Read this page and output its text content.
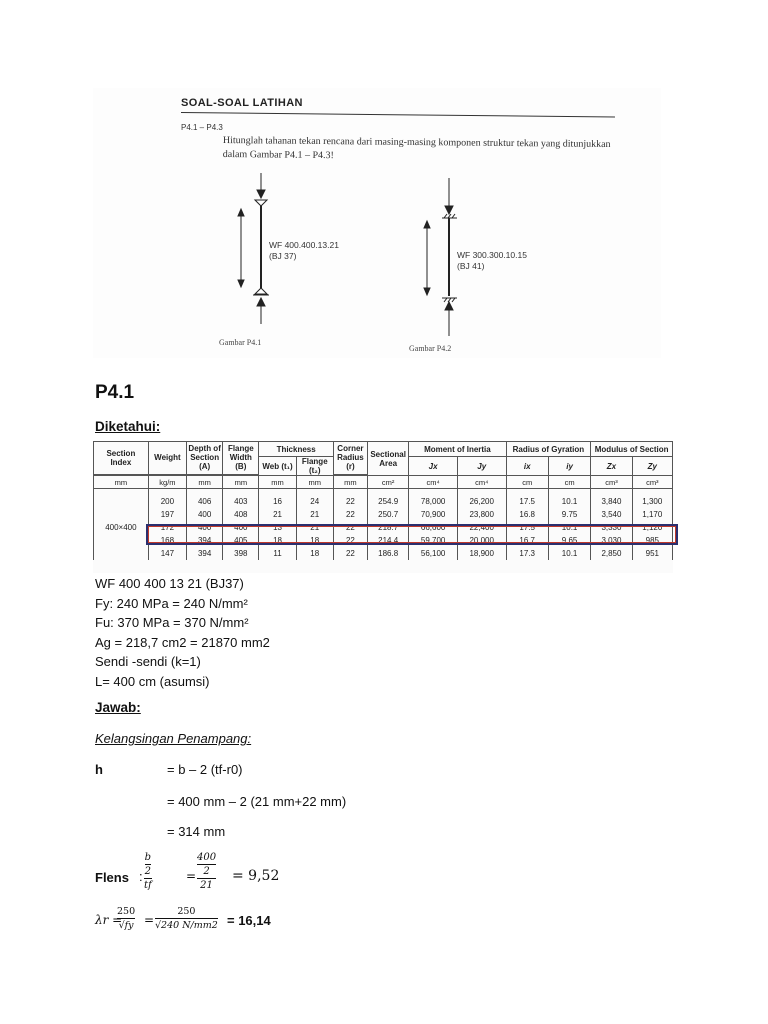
SOAL-SOAL LATIHAN
P4.1 – P4.3
Hitunglah tahanan tekan rencana dari masing-masing komponen struktur tekan yang ditunjukkan dalam Gambar P4.1 – P4.3!
WF 400.400.13.21
(BJ 37)
Gambar P4.1
WF 300.300.10.15
(BJ 41)
Gambar P4.2
P4.1
Diketahui:
Section Index	Weight	Depth of Section (A)	Flange Width (B)	Thickness		Corner Radius (r)	Sectional Area	Moment of Inertia		Radius of Gyration		Modulus of Section	
				Web (t₁)	Flange (t₂)			Jx	Jy	ix	iy	Zx	Zy

mm	kg/m	mm	mm	mm	mm	mm	cm²	cm⁴	cm⁴	cm	cm	cm³	cm³
	200	406	403	16	24	22	254.9	78,000	26,200	17.5	10.1	3,840	1,300
	197	400	408	21	21	22	250.7	70,900	23,800	16.8	9.75	3,540	1,170
400×400	172	400	400	13	21	22	218.7	66,600	22,400	17.5	10.1	3,330	1,120
	168	394	405	18	18	22	214.4	59,700	20,000	16.7	9.65	3,030	985
	147	394	398	11	18	22	186.8	56,100	18,900	17.3	10.1	2,850	951
WF 400 400 13 21 (BJ37)
Fy: 240 MPa = 240 N/mm²
Fu: 370 MPa = 370 N/mm²
Ag = 218,7 cm2 = 21870 mm2
Sendi -sendi (k=1)
L= 400 cm (asumsi)
Jawab:
Kelangsingan Penampang:
h	= b – 2 (tf-r0)
= 400 mm – 2 (21 mm+22 mm)
= 314 mm
Flens :
b
2
tf
=
400
2
21
= 9,52
λr =
250
√fy =
250
√240 N/mm2 = 16,14
